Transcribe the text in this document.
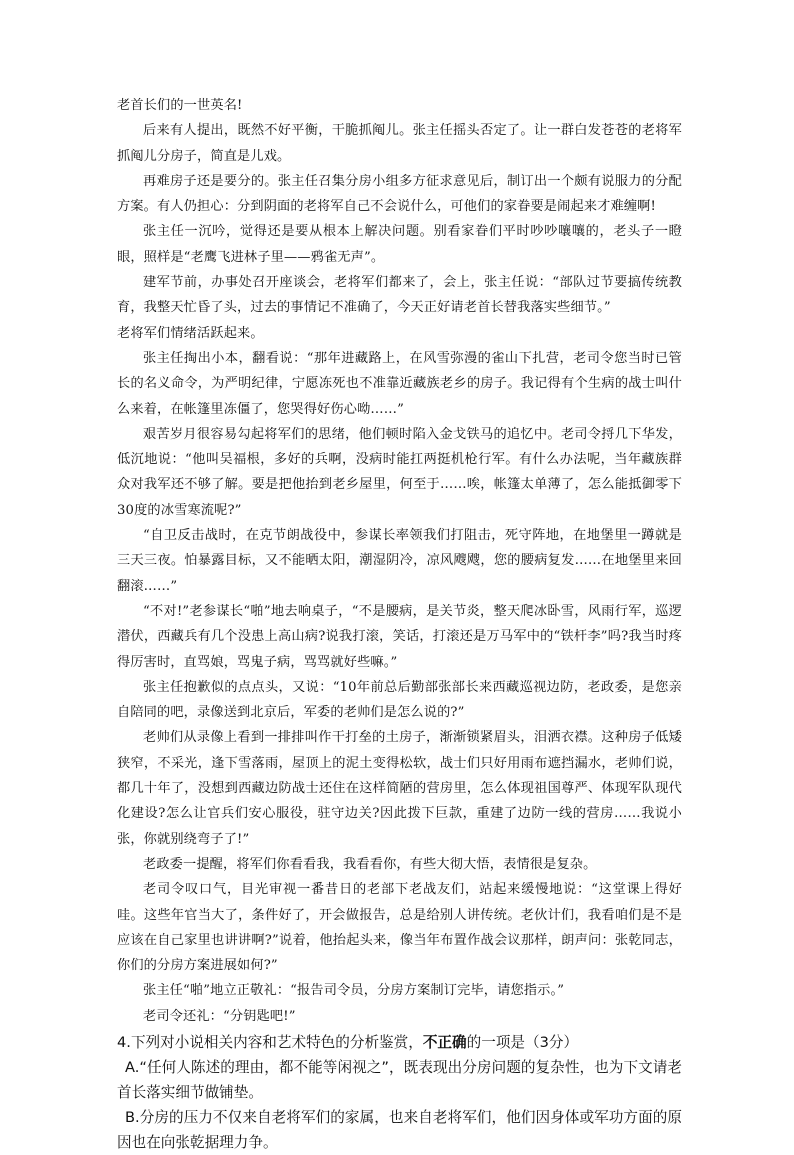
老首长们的一世英名!

后来有人提出，既然不好平衡，干脆抓阄儿。张主任摇头否定了。让一群白发苍苍的老将军抓阄儿分房子，简直是儿戏。

再难房子还是要分的。张主任召集分房小组多方征求意见后，制订出一个颇有说服力的分配方案。有人仍担心：分到阴面的老将军自己不会说什么，可他们的家眷要是闹起来才难缠啊!

张主任一沉吟，觉得还是要从根本上解决问题。别看家眷们平时吵吵嚷嚷的，老头子一瞪眼，照样是“老鹰飞进林子里——鸦雀无声”。

建军节前，办事处召开座谈会，老将军们都来了，会上，张主任说：“部队过节要搞传统教育，我整天忙昏了头，过去的事情记不准确了，今天正好请老首长替我落实些细节。”

老将军们情绪活跃起来。

张主任掏出小本，翻看说：“那年进藏路上，在风雪弥漫的雀山下扎营，老司令您当时已管长的名义命令，为严明纪律，宁愿冻死也不准靠近藏族老乡的房子。我记得有个生病的战士叫什么来着，在帐篷里冻僵了，您哭得好伤心呦……”

艰苦岁月很容易勾起将军们的思绪，他们顿时陷入金戈铁马的追忆中。老司令捋几下华发，低沉地说：“他叫吴福根，多好的兵啊，没病时能扛两挺机枪行军。有什么办法呢，当年藏族群众对我军还不够了解。要是把他抬到老乡屋里，何至于……唉，帐篷太单薄了，怎么能抵御零下30度的冰雪寒流呢?”

“自卫反击战时，在克节朗战役中，参谋长率领我们打阻击，死守阵地，在地堡里一蹲就是三天三夜。怕暴露目标，又不能晒太阳，潮湿阴冷，凉风飕飕，您的腰病复发……在地堡里来回翻滚……”

“不对!”老参谋长“啪”地去响桌子，“不是腰病，是关节炎，整天爬冰卧雪，风雨行军，巡逻潜伏，西藏兵有几个没患上高山病?说我打滚，笑话，打滚还是万马军中的“铁杆李”吗?我当时疼得厉害时，直骂娘，骂鬼子病，骂骂就好些嘛。”

张主任抱歉似的点点头，又说：“10年前总后勤部张部长来西藏巡视边防，老政委，是您亲自陪同的吧，录像送到北京后，军委的老帅们是怎么说的?”

老帅们从录像上看到一排排叫作干打垒的土房子，渐渐锁紧眉头，泪洒衣襟。这种房子低矮狭窄，不采光，逢下雪落雨，屋顶上的泥土变得松软，战士们只好用雨布遮挡漏水，老帅们说，都几十年了，没想到西藏边防战士还住在这样简陋的营房里，怎么体现祖国尊严、体现军队现代化建设?怎么让官兵们安心服役，驻守边关?因此拨下巨款，重建了边防一线的营房……我说小张，你就别绕弯子了!”

老政委一提醒，将军们你看看我，我看看你，有些大彻大悟，表情很是复杂。

老司令叹口气，目光审视一番昔日的老部下老战友们，站起来缓慢地说：“这堂课上得好哇。这些年官当大了，条件好了，开会做报告，总是给别人讲传统。老伙计们，我看咱们是不是应该在自己家里也讲讲啊?”说着，他抬起头来，像当年布置作战会议那样，朗声问：张乾同志，你们的分房方案进展如何?”

张主任“啪”地立正敬礼：“报告司令员，分房方案制订完毕，请您指示。”

老司令还礼：“分钥匙吧!”

4.下列对小说相关内容和艺术特色的分析鉴赏，不正确的一项是（3分）

A.“任何人陈述的理由，都不能等闲视之”，既表现出分房问题的复杂性，也为下文请老首长落实细节做铺垫。

B.分房的压力不仅来自老将军们的家属，也来自老将军们，他们因身体或军功方面的原因也在向张乾据理力争。
